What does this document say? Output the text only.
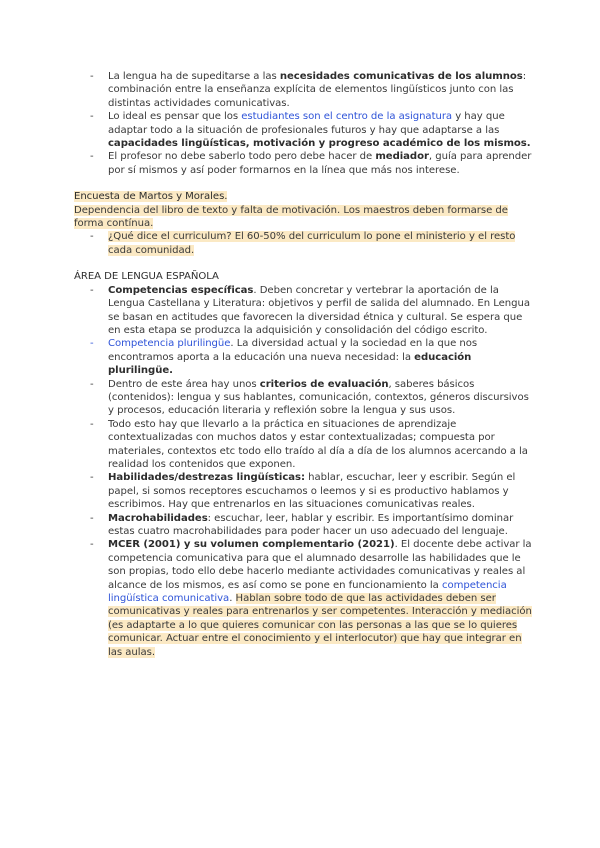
- La lengua ha de supeditarse a las necesidades comunicativas de los alumnos: combinación entre la enseñanza explícita de elementos lingüísticos junto con las distintas actividades comunicativas.
- Lo ideal es pensar que los estudiantes son el centro de la asignatura y hay que adaptar todo a la situación de profesionales futuros y hay que adaptarse a las capacidades lingüísticas, motivación y progreso académico de los mismos.
- El profesor no debe saberlo todo pero debe hacer de mediador, guía para aprender por sí mismos y así poder formarnos en la línea que más nos interese.
Encuesta de Martos y Morales.
Dependencia del libro de texto y falta de motivación. Los maestros deben formarse de forma contínua.
- ¿Qué dice el curriculum? El 60-50% del curriculum lo pone el ministerio y el resto cada comunidad.
ÁREA DE LENGUA ESPAÑOLA
- Competencias específicas. Deben concretar y vertebrar la aportación de la Lengua Castellana y Literatura: objetivos y perfil de salida del alumnado. En Lengua se basan en actitudes que favorecen la diversidad étnica y cultural. Se espera que en esta etapa se produzca la adquisición y consolidación del código escrito.
- Competencia plurilingüe. La diversidad actual y la sociedad en la que nos encontramos aporta a la educación una nueva necesidad: la educación plurilingüe.
- Dentro de este área hay unos criterios de evaluación, saberes básicos (contenidos): lengua y sus hablantes, comunicación, contextos, géneros discursivos y procesos, educación literaria y reflexión sobre la lengua y sus usos.
- Todo esto hay que llevarlo a la práctica en situaciones de aprendizaje contextualizadas con muchos datos y estar contextualizadas; compuesta por materiales, contextos etc todo ello traído al día a día de los alumnos acercando a la realidad los contenidos que exponen.
- Habilidades/destrezas lingüísticas: hablar, escuchar, leer y escribir. Según el papel, si somos receptores escuchamos o leemos y si es productivo hablamos y escribimos. Hay que entrenarlos en las situaciones comunicativas reales.
- Macrohabilidades: escuchar, leer, hablar y escribir. Es importantísimo dominar estas cuatro macrohabilidades para poder hacer un uso adecuado del lenguaje.
- MCER (2001) y su volumen complementario (2021). El docente debe activar la competencia comunicativa para que el alumnado desarrolle las habilidades que le son propias, todo ello debe hacerlo mediante actividades comunicativas y reales al alcance de los mismos, es así como se pone en funcionamiento la competencia lingüística comunicativa. Hablan sobre todo de que las actividades deben ser comunicativas y reales para entrenarlos y ser competentes. Interacción y mediación (es adaptarte a lo que quieres comunicar con las personas a las que se lo quieres comunicar. Actuar entre el conocimiento y el interlocutor) que hay que integrar en las aulas.
